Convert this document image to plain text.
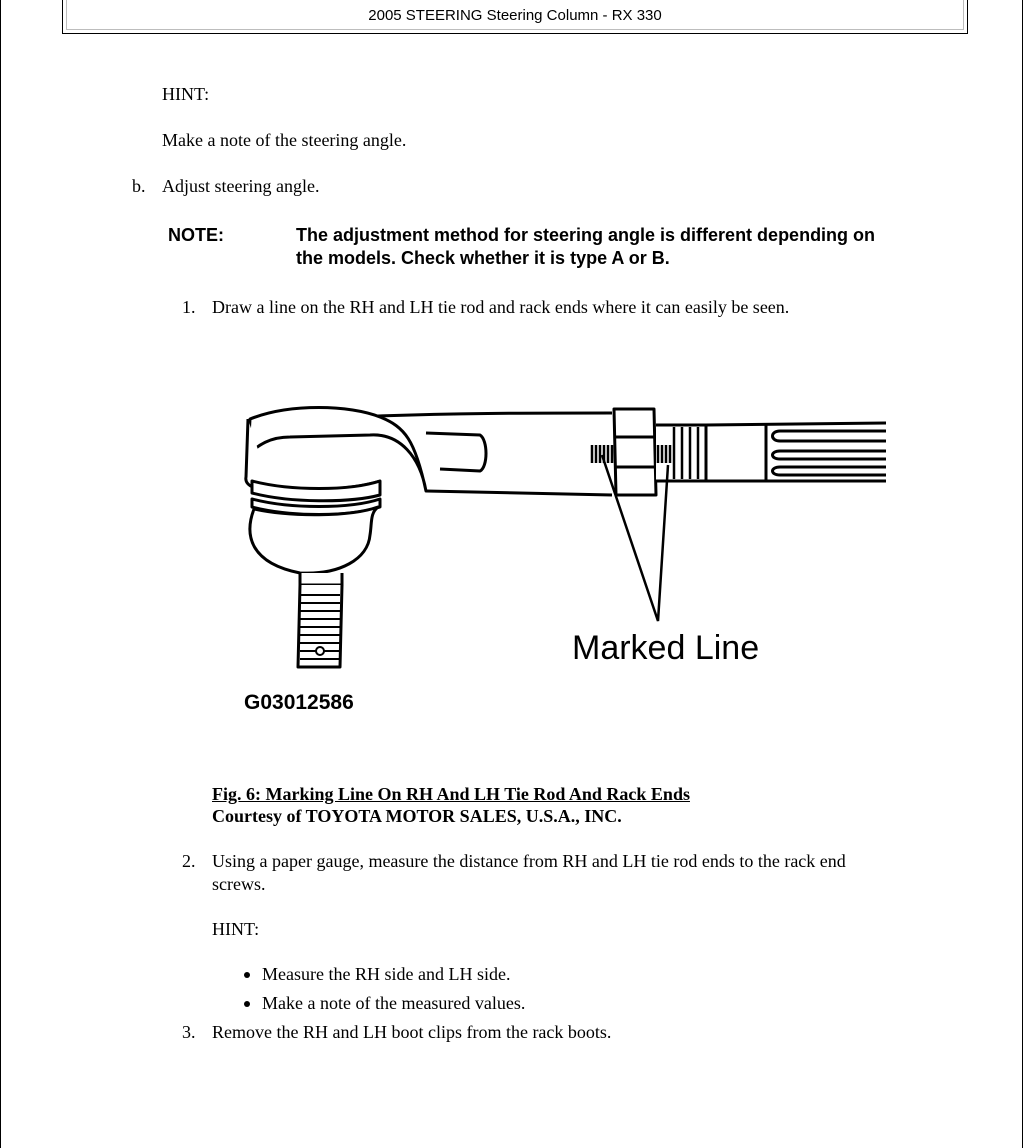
2005 STEERING Steering Column - RX 330
HINT:
Make a note of the steering angle.
b. Adjust steering angle.
NOTE:	The adjustment method for steering angle is different depending on
the models. Check whether it is type A or B.
1. Draw a line on the RH and LH tie rod and rack ends where it can easily be seen.
Marked Line
G03012586
Fig. 6: Marking Line On RH And LH Tie Rod And Rack Ends
Courtesy of TOYOTA MOTOR SALES, U.S.A., INC.
2. Using a paper gauge, measure the distance from RH and LH tie rod ends to the rack end
screws.
HINT:
Measure the RH side and LH side.
Make a note of the measured values.
3. Remove the RH and LH boot clips from the rack boots.
